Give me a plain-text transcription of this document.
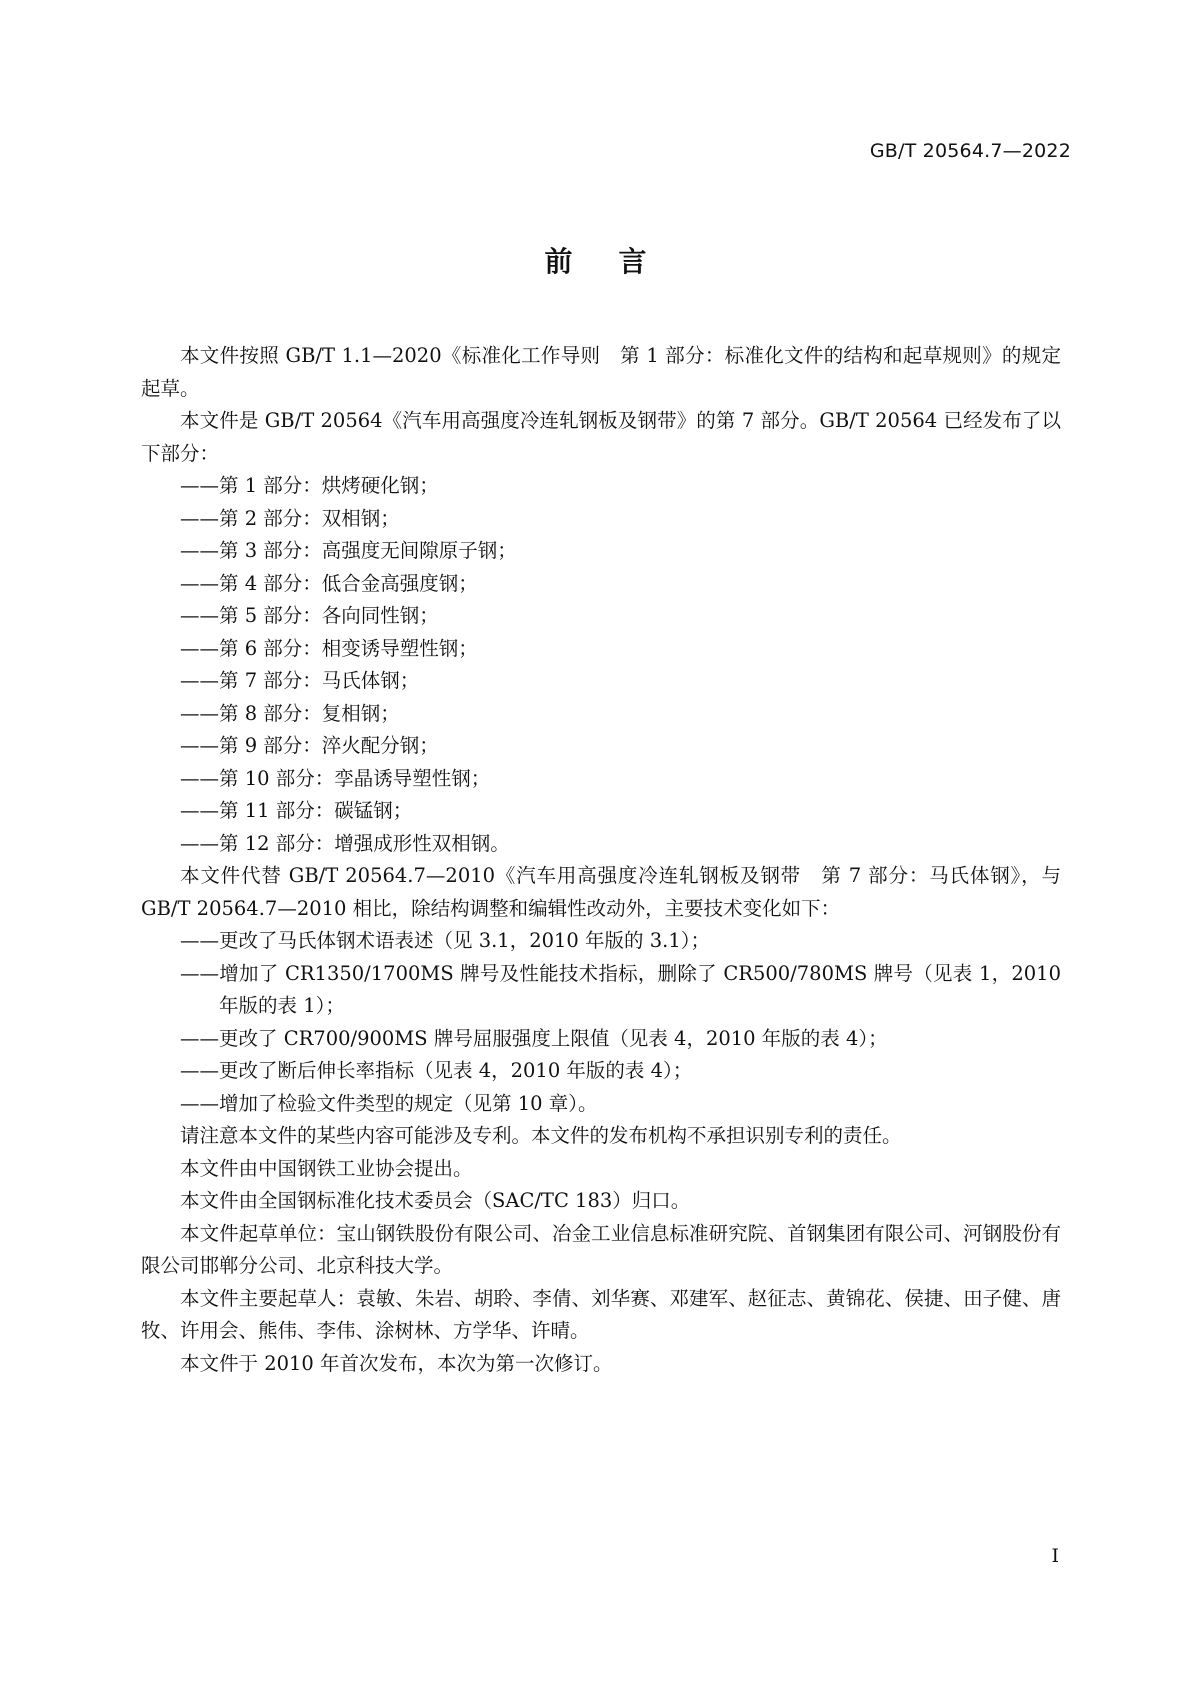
GB/T 20564.7—2022
前言

本文件按照 GB/T 1.1—2020《标准化工作导则　第 1 部分：标准化文件的结构和起草规则》的规定起草。

本文件是 GB/T 20564《汽车用高强度冷连轧钢板及钢带》的第 7 部分。GB/T 20564 已经发布了以下部分：

——第 1 部分：烘烤硬化钢；

——第 2 部分：双相钢；

——第 3 部分：高强度无间隙原子钢；

——第 4 部分：低合金高强度钢；

——第 5 部分：各向同性钢；

——第 6 部分：相变诱导塑性钢；

——第 7 部分：马氏体钢；

——第 8 部分：复相钢；

——第 9 部分：淬火配分钢；

——第 10 部分：孪晶诱导塑性钢；

——第 11 部分：碳锰钢；

——第 12 部分：增强成形性双相钢。

本文件代替 GB/T 20564.7—2010《汽车用高强度冷连轧钢板及钢带　第 7 部分：马氏体钢》，与 GB/T 20564.7—2010 相比，除结构调整和编辑性改动外，主要技术变化如下：

——更改了马氏体钢术语表述（见 3.1，2010 年版的 3.1）；

——增加了 CR1350/1700MS 牌号及性能技术指标，删除了 CR500/780MS 牌号（见表 1，2010 年版的表 1）；

——更改了 CR700/900MS 牌号屈服强度上限值（见表 4，2010 年版的表 4）；

——更改了断后伸长率指标（见表 4，2010 年版的表 4）；

——增加了检验文件类型的规定（见第 10 章）。

请注意本文件的某些内容可能涉及专利。本文件的发布机构不承担识别专利的责任。

本文件由中国钢铁工业协会提出。

本文件由全国钢标准化技术委员会（SAC/TC 183）归口。

本文件起草单位：宝山钢铁股份有限公司、冶金工业信息标准研究院、首钢集团有限公司、河钢股份有限公司邯郸分公司、北京科技大学。

本文件主要起草人：袁敏、朱岩、胡聆、李倩、刘华赛、邓建军、赵征志、黄锦花、侯捷、田子健、唐牧、许用会、熊伟、李伟、涂树林、方学华、许晴。

本文件于 2010 年首次发布，本次为第一次修订。

I
